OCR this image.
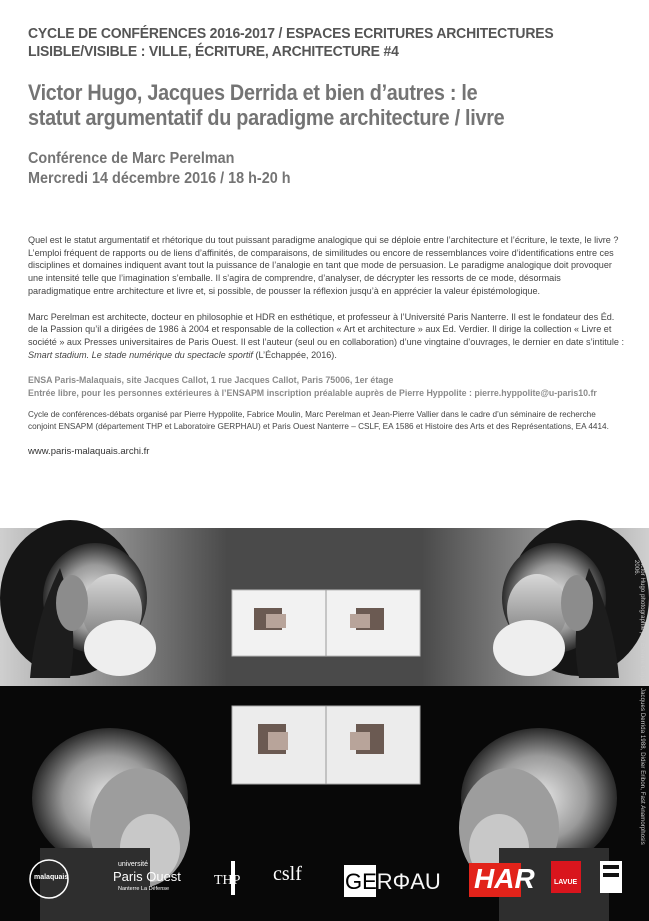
CYCLE DE CONFÉRENCES 2016-2017 / ESPACES ECRITURES ARCHITECTURES
LISIBLE/VISIBLE : VILLE, ÉCRITURE, ARCHITECTURE #4
Victor Hugo, Jacques Derrida et bien d’autres : le
statut argumentatif du paradigme architecture / livre
Conférence de Marc Perelman
Mercredi 14 décembre 2016 / 18 h-20 h

Quel est le statut argumentatif et rhétorique du tout puissant paradigme analogique qui se déploie entre l’architecture et l’écriture, le texte, le livre ? L’emploi fréquent de rapports ou de liens d’affinités, de comparaisons, de similitudes ou encore de ressemblances voire d’identifications entre ces disciplines et domaines indiquent avant tout la puissance de l’analogie en tant que mode de persuasion. Le paradigme analogique doit provoquer une intensité telle que l’imagination s’emballe. Il s’agira de comprendre, d’analyser, de décrypter les ressorts de ce mode, désormais paradigmatique entre architecture et livre et, si possible, de pousser la réflexion jusqu’à en apprécier la valeur épistémologique.

Marc Perelman est architecte, docteur en philosophie et HDR en esthétique, et professeur à l’Université Paris Nanterre. Il est le fondateur des Éd. de la Passion qu’il a dirigées de 1986 à 2004 et responsable de la collection « Art et architecture » aux Ed. Verdier. Il dirige la collection « Livre et société » aux Presses universitaires de Paris Ouest. Il est l’auteur (seul ou en collaboration) d’une vingtaine d’ouvrages, le dernier en date s’intitule : Smart stadium. Le stade numérique du spectacle sportif (L’Échappée, 2016).

ENSA Paris-Malaquais, site Jacques Callot, 1 rue Jacques Callot, Paris 75006, 1er étage
Entrée libre, pour les personnes extérieures à l’ENSAPM inscription préalable auprès de Pierre Hyppolite : pierre.hyppolite@u-paris10.fr
Cycle de conférences-débats organisé par Pierre Hyppolite, Fabrice Moulin, Marc Perelman et Jean-Pierre Vallier dans le cadre d’un séminaire de recherche conjoint ENSAPM (département THP et Laboratoire GERPHAU) et Paris Ouest Nanterre – CSLF, EA 1586 et Histoire des Arts et des Représentations, EA 4414.
www.paris-malaquais.archi.fr
Victor Hugo photographie par Étienne Carjat • Jacques Derrida 1988, Didier Eribon, Fast Anamorphosis 2006.
malaquais
université
Paris Ouest
Nanterre La Défense
THP cslf GERΦAU HAR	LAVUE
